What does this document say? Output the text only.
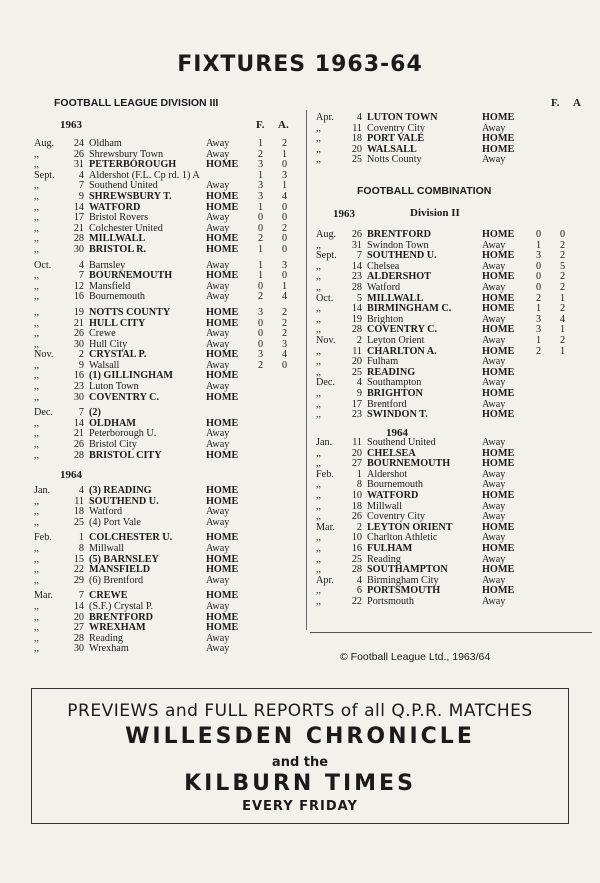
FIXTURES 1963-64
FOOTBALL LEAGUE DIVISION III
1963	F. A.
Aug.	24 Oldham	Away	1 2
,,	26 Shrewsbury Town	Away	2 1
,,	31 PETERBOROUGH	HOME 3 0
Sept.	4 Aldershot (F.L. Cp rd. 1) A	1 3
,,	7 Southend United	Away	3 1
,,	9 SHREWSBURY T.	HOME 3 4
,,	14 WATFORD	HOME 1 0
,,	17 Bristol Rovers	Away	0 0
,,	21 Colchester United	Away	0 2
,,	28 MILLWALL	HOME 2 0
,,	30 BRISTOL R.	HOME 1 0
Oct.	4 Barnsley	Away	1 3
,,	7 BOURNEMOUTH	HOME 1 0
,,	12 Mansfield	Away	0 1
,,	16 Bournemouth	Away	2 4
,,	19 NOTTS COUNTY	HOME 3 2
,,	21 HULL CITY	HOME 0 2
,,	26 Crewe	Away	0 2
,,	30 Hull City	Away	0 3
Nov.	2 CRYSTAL P.	HOME 3 4
,,	9 Walsall	Away	2 0
,,	16 (1) GILLINGHAM	HOME
,,	23 Luton Town	Away
,,	30 COVENTRY C.	HOME
Dec.	7 (2)
,,	14 OLDHAM	HOME
,,	21 Peterborough U.	Away
,,	26 Bristol City	Away
,,	28 BRISTOL CITY	HOME
1964
Jan.	4 (3) READING	HOME
,,	11 SOUTHEND U.	HOME
,,	18 Watford	Away
,,	25 (4) Port Vale	Away
Feb.	1 COLCHESTER U.	HOME
,,	8 Millwall	Away
,,	15 (5) BARNSLEY	HOME
,,	22 MANSFIELD	HOME
,,	29 (6) Brentford	Away
Mar.	7 CREWE	HOME
,,	14 (S.F.) Crystal P.	Away
,,	20 BRENTFORD	HOME
,,	27 WREXHAM	HOME
,,	28 Reading	Away
,,	30 Wrexham	Away
F. A
Apr.	4 LUTON TOWN	HOME
,,	11 Coventry City	Away
,,	18 PORT VALE	HOME
,,	20 WALSALL	HOME
,,	25 Notts County	Away
FOOTBALL COMBINATION
1963	Division II
Aug.	26 BRENTFORD	HOME 0 0
,,	31 Swindon Town	Away	1 2
Sept.	7 SOUTHEND U.	HOME 3 2
,,	14 Chelsea	Away	0 5
,,	23 ALDERSHOT	HOME 0 2
,,	28 Watford	Away	0 2
Oct.	5 MILLWALL	HOME 2 1
,,	14 BIRMINGHAM C.	HOME 1 2
,,	19 Brighton	Away	3 4
,,	28 COVENTRY C.	HOME 3 1
Nov.	2 Leyton Orient	Away	1 2
,,	11 CHARLTON A.	HOME 2 1
,,	20 Fulham	Away
,,	25 READING	HOME
Dec.	4 Southampton	Away
,,	9 BRIGHTON	HOME
,,	17 Brentford	Away
,,	23 SWINDON T.	HOME
1964
Jan.	11 Southend United	Away
,,	20 CHELSEA	HOME
,,	27 BOURNEMOUTH	HOME
Feb.	1 Aldershot	Away
,,	8 Bournemouth	Away
,,	10 WATFORD	HOME
,,	18 Millwall	Away
,,	26 Coventry City	Away
Mar.	2 LEYTON ORIENT	HOME
,,	10 Charlton Athletic	Away
,,	16 FULHAM	HOME
,,	25 Reading	Away
,,	28 SOUTHAMPTON	HOME
Apr.	4 Birmingham City	Away
,,	6 PORTSMOUTH	HOME
,,	22 Portsmouth	Away
© Football League Ltd., 1963/64
PREVIEWS and FULL REPORTS of all Q.P.R. MATCHES
WILLESDEN CHRONICLE
and the
KILBURN TIMES
EVERY FRIDAY
